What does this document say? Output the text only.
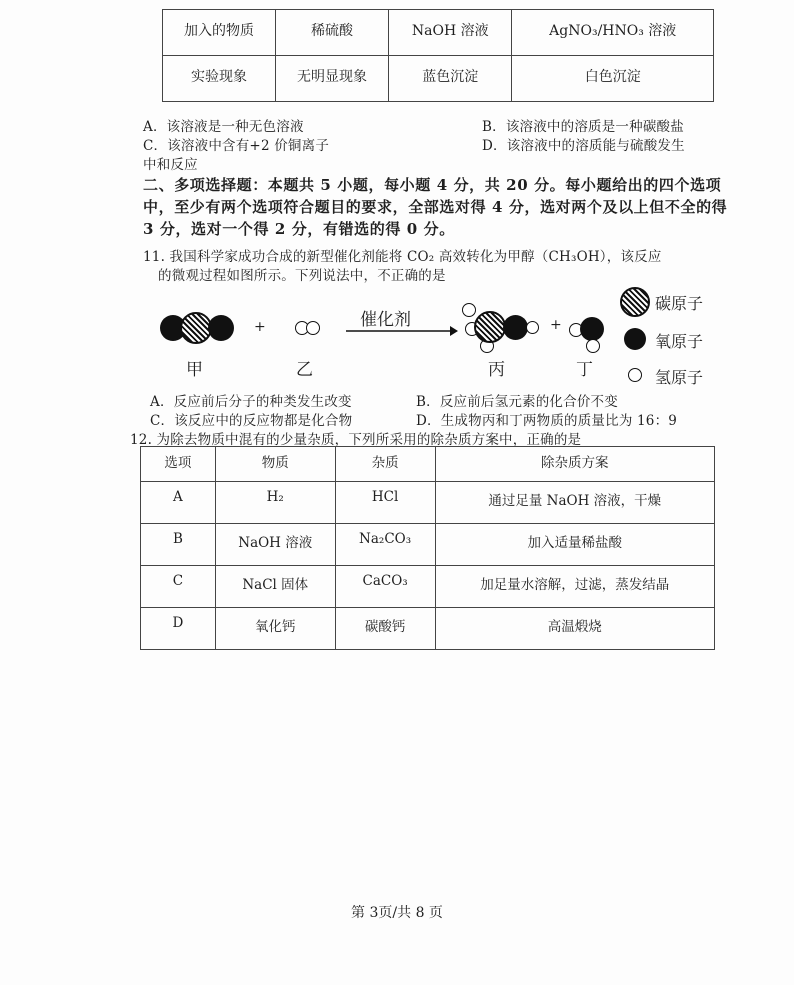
加入的物质	稀硫酸	NaOH 溶液	AgNO₃/HNO₃ 溶液
实验现象	无明显现象	蓝色沉淀	白色沉淀
A．该溶液是一种无色溶液	B．该溶液中的溶质是一种碳酸盐
C．该溶液中含有+2 价铜离子	D．该溶液中的溶质能与硫酸发生
中和反应
二、多项选择题：本题共 5 小题，每小题 4 分，共 20 分。每小题给出的四个选项中，至少有两个选项符合题目的要求，全部选对得 4 分，选对两个及以上但不全的得 3 分，选对一个得 2 分，有错选的得 0 分。
11. 我国科学家成功合成的新型催化剂能将 CO₂ 高效转化为甲醇（CH₃OH），该反应
的微观过程如图所示。下列说法中，不正确的是
甲
+
乙
催化剂
丙
+
丁
碳原子
氧原子
氢原子
A．反应前后分子的种类发生改变	B．反应前后氢元素的化合价不变
C．该反应中的反应物都是化合物	D．生成物丙和丁两物质的质量比为 16：9
12. 为除去物质中混有的少量杂质，下列所采用的除杂质方案中，正确的是
选项	物质	杂质	除杂质方案
A	H₂	HCl	通过足量 NaOH 溶液，干燥
B	NaOH 溶液	Na₂CO₃	加入适量稀盐酸
C	NaCl 固体	CaCO₃	加足量水溶解，过滤，蒸发结晶
D	氧化钙	碳酸钙	高温煅烧
第 3页/共 8 页
